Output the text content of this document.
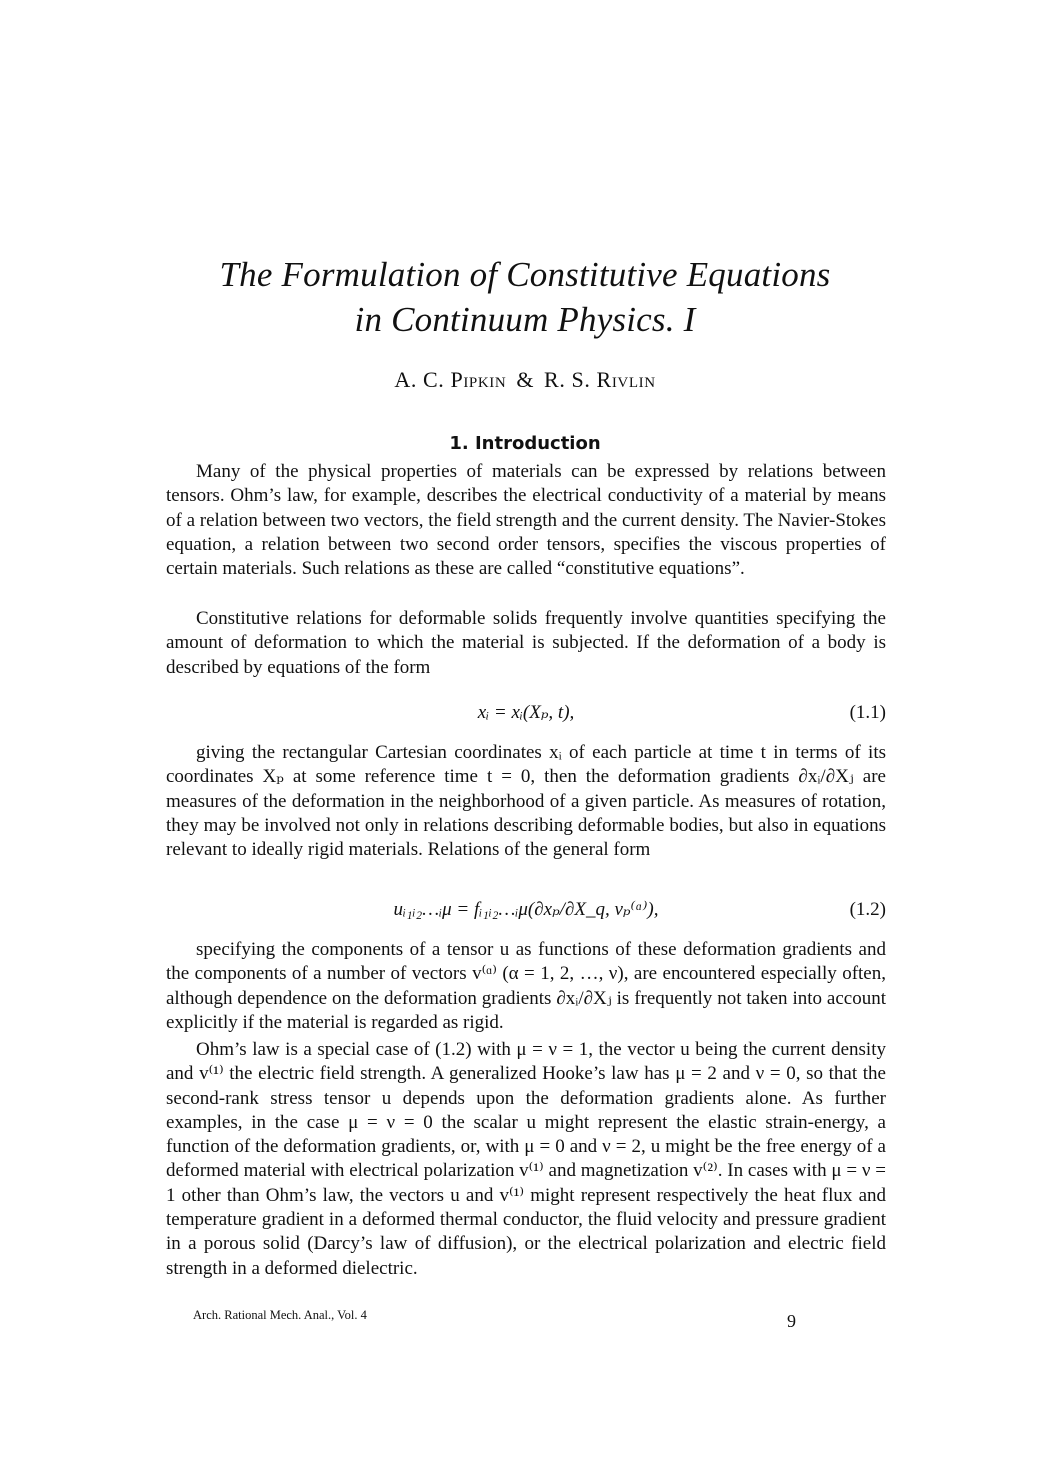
The Formulation of Constitutive Equations
in Continuum Physics. I
A. C. Pipkin & R. S. Rivlin
1. Introduction

Many of the physical properties of materials can be expressed by relations between tensors. Ohm’s law, for example, describes the electrical conductivity of a material by means of a relation between two vectors, the field strength and the current density. The Navier-Stokes equation, a relation between two second order tensors, specifies the viscous properties of certain materials. Such relations as these are called “constitutive equations”.

Constitutive relations for deformable solids frequently involve quantities specifying the amount of deformation to which the material is subjected. If the deformation of a body is described by equations of the form

xᵢ = xᵢ(Xₚ, t),	(1.1)

giving the rectangular Cartesian coordinates xᵢ of each particle at time t in terms of its coordinates Xₚ at some reference time t = 0, then the deformation gradients ∂xᵢ/∂Xⱼ are measures of the deformation in the neighborhood of a given particle. As measures of rotation, they may be involved not only in relations describing deformable bodies, but also in equations relevant to ideally rigid materials. Relations of the general form

uᵢ₁ᵢ₂…ᵢμ = fᵢ₁ᵢ₂…ᵢμ(∂xₚ/∂X_q, vₚ⁽ᵅ⁾),	(1.2)

specifying the components of a tensor u as functions of these deformation gradients and the components of a number of vectors v⁽ᵅ⁾ (α = 1, 2, …, ν), are encountered especially often, although dependence on the deformation gradients ∂xᵢ/∂Xⱼ is frequently not taken into account explicitly if the material is regarded as rigid.

Ohm’s law is a special case of (1.2) with μ = ν = 1, the vector u being the current density and v⁽¹⁾ the electric field strength. A generalized Hooke’s law has μ = 2 and ν = 0, so that the second-rank stress tensor u depends upon the deformation gradients alone. As further examples, in the case μ = ν = 0 the scalar u might represent the elastic strain-energy, a function of the deformation gradients, or, with μ = 0 and ν = 2, u might be the free energy of a deformed material with electrical polarization v⁽¹⁾ and magnetization v⁽²⁾. In cases with μ = ν = 1 other than Ohm’s law, the vectors u and v⁽¹⁾ might represent respectively the heat flux and temperature gradient in a deformed thermal conductor, the fluid velocity and pressure gradient in a porous solid (Darcy’s law of diffusion), or the electrical polarization and electric field strength in a deformed dielectric.

Arch. Rational Mech. Anal., Vol. 4	9
